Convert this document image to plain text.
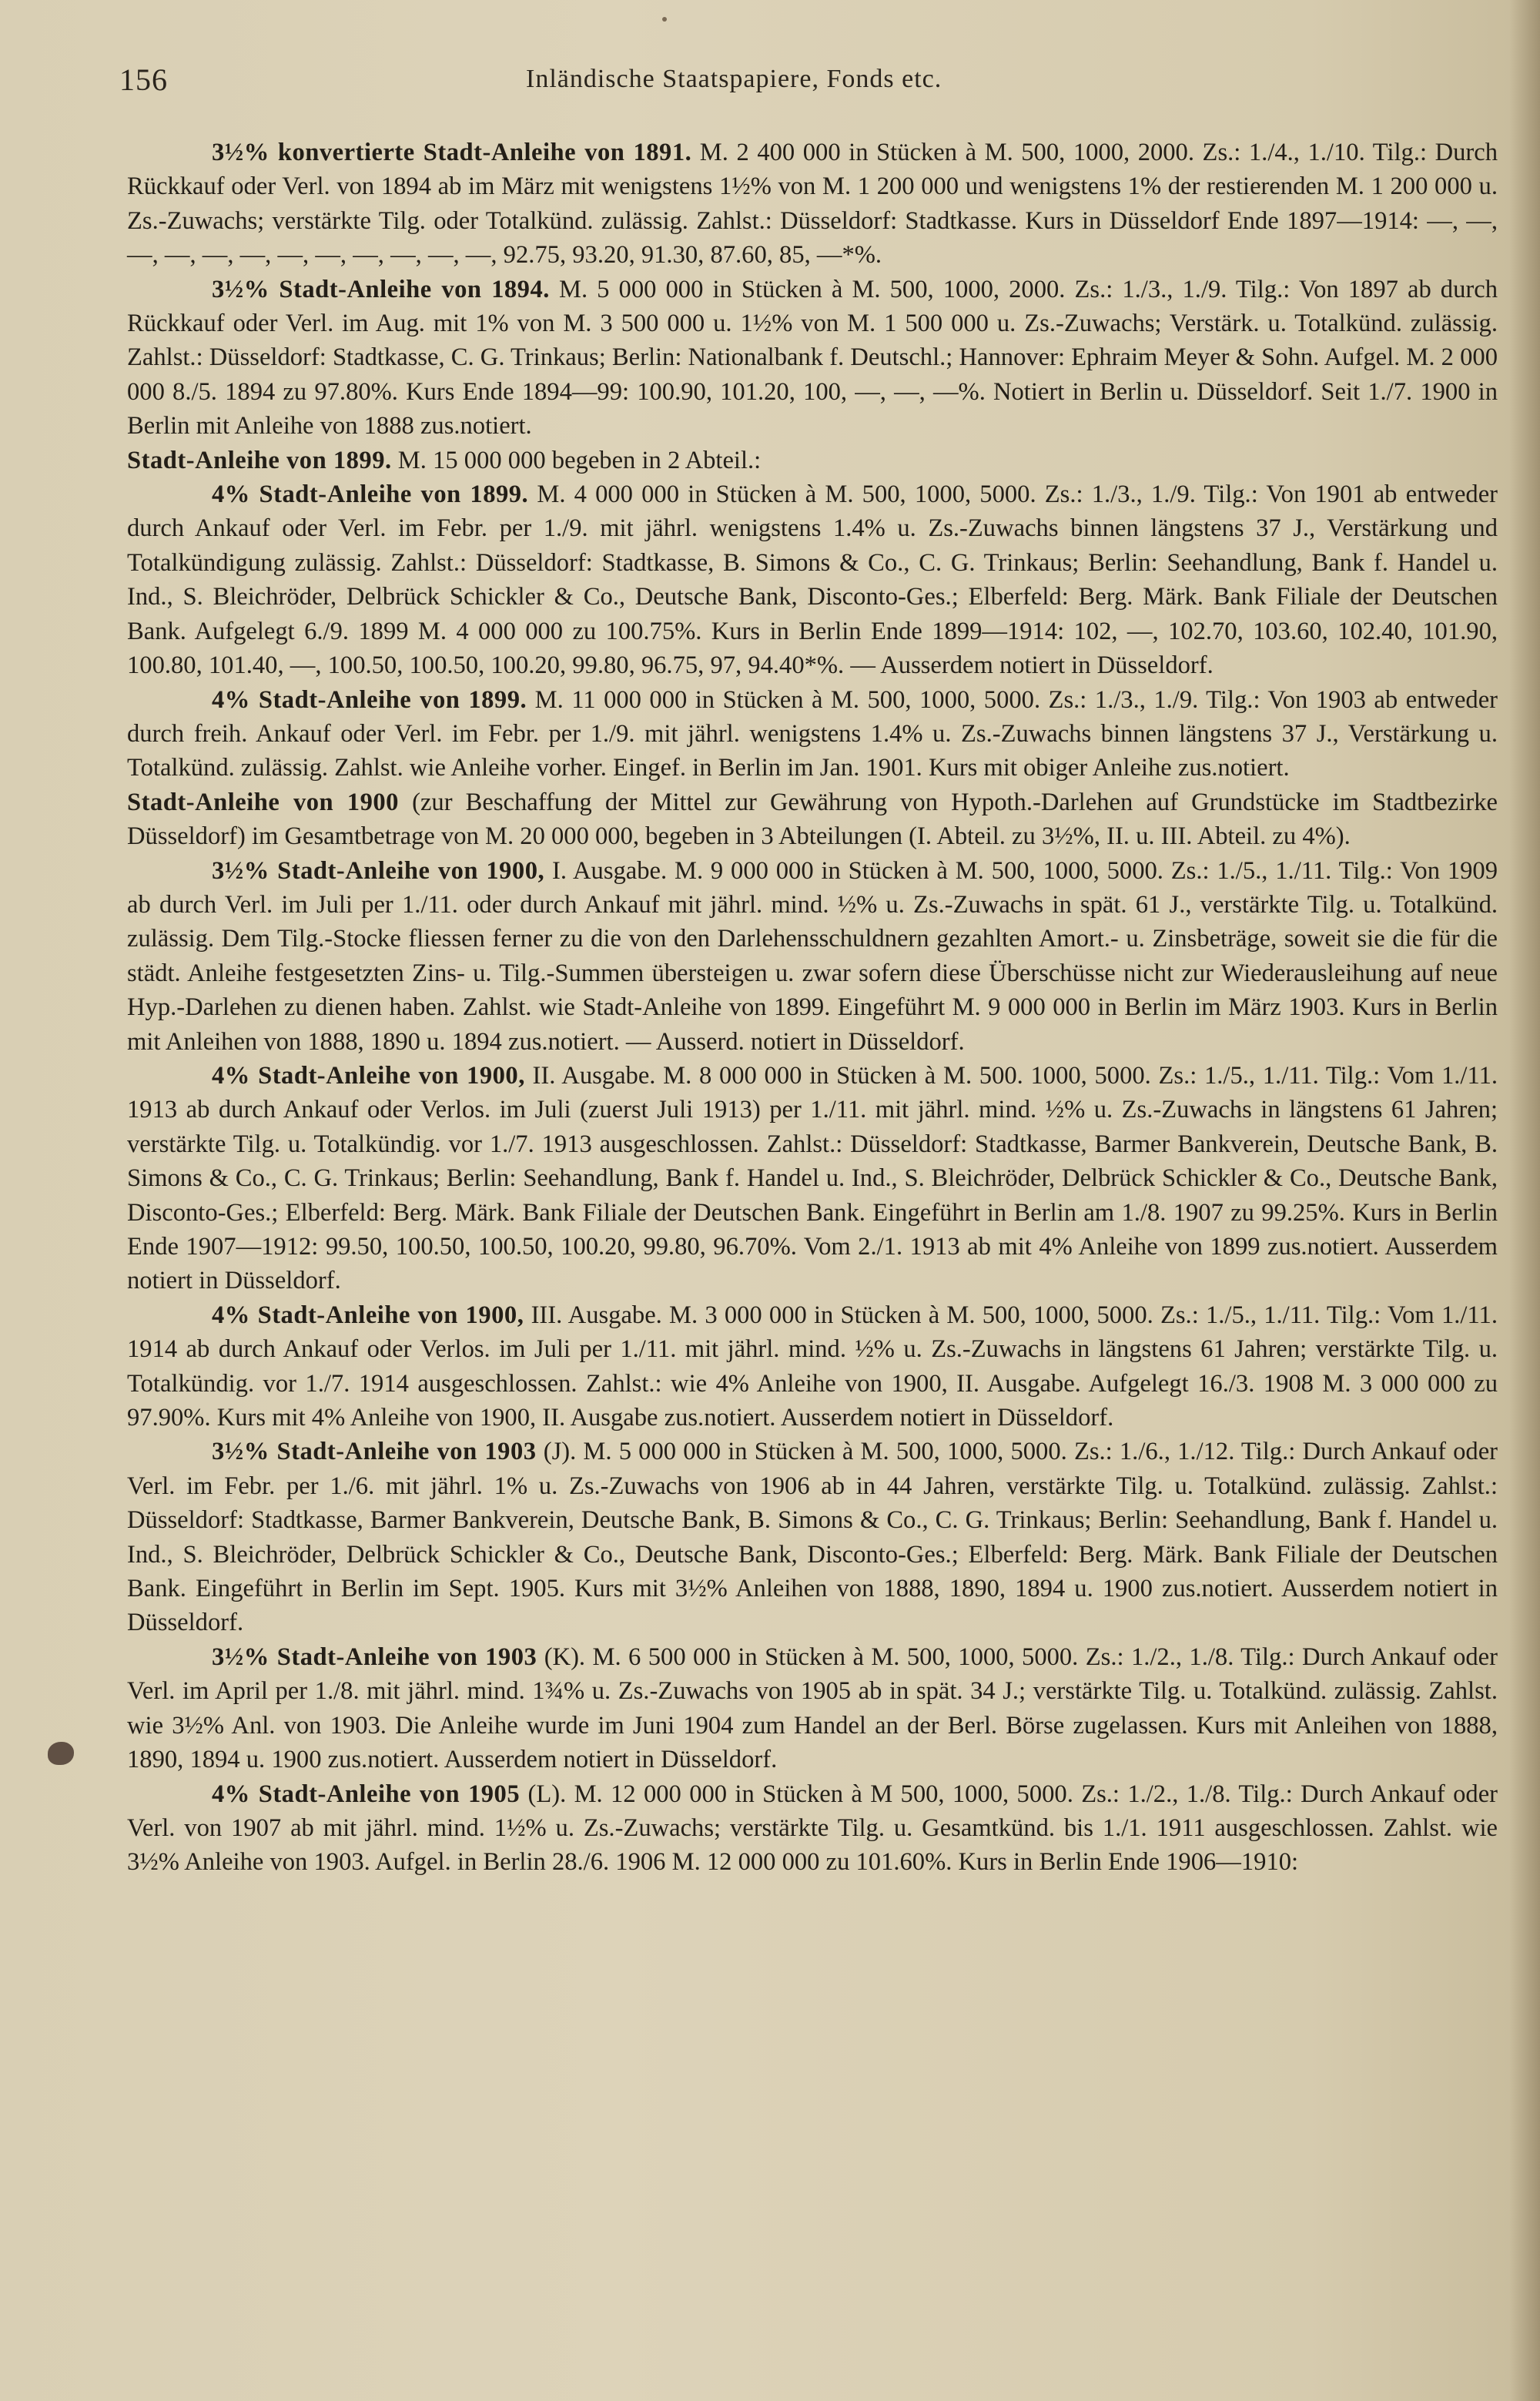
156	Inländische Staatspapiere, Fonds etc.

3½% konvertierte Stadt-Anleihe von 1891. M. 2 400 000 in Stücken à M. 500, 1000, 2000. Zs.: 1./4., 1./10. Tilg.: Durch Rückkauf oder Verl. von 1894 ab im März mit wenigstens 1½% von M. 1 200 000 und wenigstens 1% der restierenden M. 1 200 000 u. Zs.-Zuwachs; verstärkte Tilg. oder Totalkünd. zulässig. Zahlst.: Düsseldorf: Stadtkasse. Kurs in Düsseldorf Ende 1897—1914: —, —, —, —, —, —, —, —, —, —, —, —, 92.75, 93.20, 91.30, 87.60, 85, —*%.

3½% Stadt-Anleihe von 1894. M. 5 000 000 in Stücken à M. 500, 1000, 2000. Zs.: 1./3., 1./9. Tilg.: Von 1897 ab durch Rückkauf oder Verl. im Aug. mit 1% von M. 3 500 000 u. 1½% von M. 1 500 000 u. Zs.-Zuwachs; Verstärk. u. Totalkünd. zulässig. Zahlst.: Düsseldorf: Stadtkasse, C. G. Trinkaus; Berlin: Nationalbank f. Deutschl.; Hannover: Ephraim Meyer & Sohn. Aufgel. M. 2 000 000 8./5. 1894 zu 97.80%. Kurs Ende 1894—99: 100.90, 101.20, 100, —, —, —%. Notiert in Berlin u. Düsseldorf. Seit 1./7. 1900 in Berlin mit Anleihe von 1888 zus.notiert.

Stadt-Anleihe von 1899. M. 15 000 000 begeben in 2 Abteil.:

4% Stadt-Anleihe von 1899. M. 4 000 000 in Stücken à M. 500, 1000, 5000. Zs.: 1./3., 1./9. Tilg.: Von 1901 ab entweder durch Ankauf oder Verl. im Febr. per 1./9. mit jährl. wenigstens 1.4% u. Zs.-Zuwachs binnen längstens 37 J., Verstärkung und Totalkündigung zulässig. Zahlst.: Düsseldorf: Stadtkasse, B. Simons & Co., C. G. Trinkaus; Berlin: Seehandlung, Bank f. Handel u. Ind., S. Bleichröder, Delbrück Schickler & Co., Deutsche Bank, Disconto-Ges.; Elberfeld: Berg. Märk. Bank Filiale der Deutschen Bank. Aufgelegt 6./9. 1899 M. 4 000 000 zu 100.75%. Kurs in Berlin Ende 1899—1914: 102, —, 102.70, 103.60, 102.40, 101.90, 100.80, 101.40, —, 100.50, 100.50, 100.20, 99.80, 96.75, 97, 94.40*%. — Ausserdem notiert in Düsseldorf.

4% Stadt-Anleihe von 1899. M. 11 000 000 in Stücken à M. 500, 1000, 5000. Zs.: 1./3., 1./9. Tilg.: Von 1903 ab entweder durch freih. Ankauf oder Verl. im Febr. per 1./9. mit jährl. wenigstens 1.4% u. Zs.-Zuwachs binnen längstens 37 J., Verstärkung u. Totalkünd. zulässig. Zahlst. wie Anleihe vorher. Eingef. in Berlin im Jan. 1901. Kurs mit obiger Anleihe zus.notiert.

Stadt-Anleihe von 1900 (zur Beschaffung der Mittel zur Gewährung von Hypoth.-Darlehen auf Grundstücke im Stadtbezirke Düsseldorf) im Gesamtbetrage von M. 20 000 000, begeben in 3 Abteilungen (I. Abteil. zu 3½%, II. u. III. Abteil. zu 4%).

3½% Stadt-Anleihe von 1900, I. Ausgabe. M. 9 000 000 in Stücken à M. 500, 1000, 5000. Zs.: 1./5., 1./11. Tilg.: Von 1909 ab durch Verl. im Juli per 1./11. oder durch Ankauf mit jährl. mind. ½% u. Zs.-Zuwachs in spät. 61 J., verstärkte Tilg. u. Totalkünd. zulässig. Dem Tilg.-Stocke fliessen ferner zu die von den Darlehensschuldnern gezahlten Amort.- u. Zinsbeträge, soweit sie die für die städt. Anleihe festgesetzten Zins- u. Tilg.-Summen übersteigen u. zwar sofern diese Überschüsse nicht zur Wiederausleihung auf neue Hyp.-Darlehen zu dienen haben. Zahlst. wie Stadt-Anleihe von 1899. Eingeführt M. 9 000 000 in Berlin im März 1903. Kurs in Berlin mit Anleihen von 1888, 1890 u. 1894 zus.notiert. — Ausserd. notiert in Düsseldorf.

4% Stadt-Anleihe von 1900, II. Ausgabe. M. 8 000 000 in Stücken à M. 500. 1000, 5000. Zs.: 1./5., 1./11. Tilg.: Vom 1./11. 1913 ab durch Ankauf oder Verlos. im Juli (zuerst Juli 1913) per 1./11. mit jährl. mind. ½% u. Zs.-Zuwachs in längstens 61 Jahren; verstärkte Tilg. u. Totalkündig. vor 1./7. 1913 ausgeschlossen. Zahlst.: Düsseldorf: Stadtkasse, Barmer Bankverein, Deutsche Bank, B. Simons & Co., C. G. Trinkaus; Berlin: Seehandlung, Bank f. Handel u. Ind., S. Bleichröder, Delbrück Schickler & Co., Deutsche Bank, Disconto-Ges.; Elberfeld: Berg. Märk. Bank Filiale der Deutschen Bank. Eingeführt in Berlin am 1./8. 1907 zu 99.25%. Kurs in Berlin Ende 1907—1912: 99.50, 100.50, 100.50, 100.20, 99.80, 96.70%. Vom 2./1. 1913 ab mit 4% Anleihe von 1899 zus.notiert. Ausserdem notiert in Düsseldorf.

4% Stadt-Anleihe von 1900, III. Ausgabe. M. 3 000 000 in Stücken à M. 500, 1000, 5000. Zs.: 1./5., 1./11. Tilg.: Vom 1./11. 1914 ab durch Ankauf oder Verlos. im Juli per 1./11. mit jährl. mind. ½% u. Zs.-Zuwachs in längstens 61 Jahren; verstärkte Tilg. u. Totalkündig. vor 1./7. 1914 ausgeschlossen. Zahlst.: wie 4% Anleihe von 1900, II. Ausgabe. Aufgelegt 16./3. 1908 M. 3 000 000 zu 97.90%. Kurs mit 4% Anleihe von 1900, II. Ausgabe zus.notiert. Ausserdem notiert in Düsseldorf.

3½% Stadt-Anleihe von 1903 (J). M. 5 000 000 in Stücken à M. 500, 1000, 5000. Zs.: 1./6., 1./12. Tilg.: Durch Ankauf oder Verl. im Febr. per 1./6. mit jährl. 1% u. Zs.-Zuwachs von 1906 ab in 44 Jahren, verstärkte Tilg. u. Totalkünd. zulässig. Zahlst.: Düsseldorf: Stadtkasse, Barmer Bankverein, Deutsche Bank, B. Simons & Co., C. G. Trinkaus; Berlin: Seehandlung, Bank f. Handel u. Ind., S. Bleichröder, Delbrück Schickler & Co., Deutsche Bank, Disconto-Ges.; Elberfeld: Berg. Märk. Bank Filiale der Deutschen Bank. Eingeführt in Berlin im Sept. 1905. Kurs mit 3½% Anleihen von 1888, 1890, 1894 u. 1900 zus.notiert. Ausserdem notiert in Düsseldorf.

3½% Stadt-Anleihe von 1903 (K). M. 6 500 000 in Stücken à M. 500, 1000, 5000. Zs.: 1./2., 1./8. Tilg.: Durch Ankauf oder Verl. im April per 1./8. mit jährl. mind. 1¾% u. Zs.-Zuwachs von 1905 ab in spät. 34 J.; verstärkte Tilg. u. Totalkünd. zulässig. Zahlst. wie 3½% Anl. von 1903. Die Anleihe wurde im Juni 1904 zum Handel an der Berl. Börse zugelassen. Kurs mit Anleihen von 1888, 1890, 1894 u. 1900 zus.notiert. Ausserdem notiert in Düsseldorf.

4% Stadt-Anleihe von 1905 (L). M. 12 000 000 in Stücken à M 500, 1000, 5000. Zs.: 1./2., 1./8. Tilg.: Durch Ankauf oder Verl. von 1907 ab mit jährl. mind. 1½% u. Zs.-Zuwachs; verstärkte Tilg. u. Gesamtkünd. bis 1./1. 1911 ausgeschlossen. Zahlst. wie 3½% Anleihe von 1903. Aufgel. in Berlin 28./6. 1906 M. 12 000 000 zu 101.60%. Kurs in Berlin Ende 1906—1910:
